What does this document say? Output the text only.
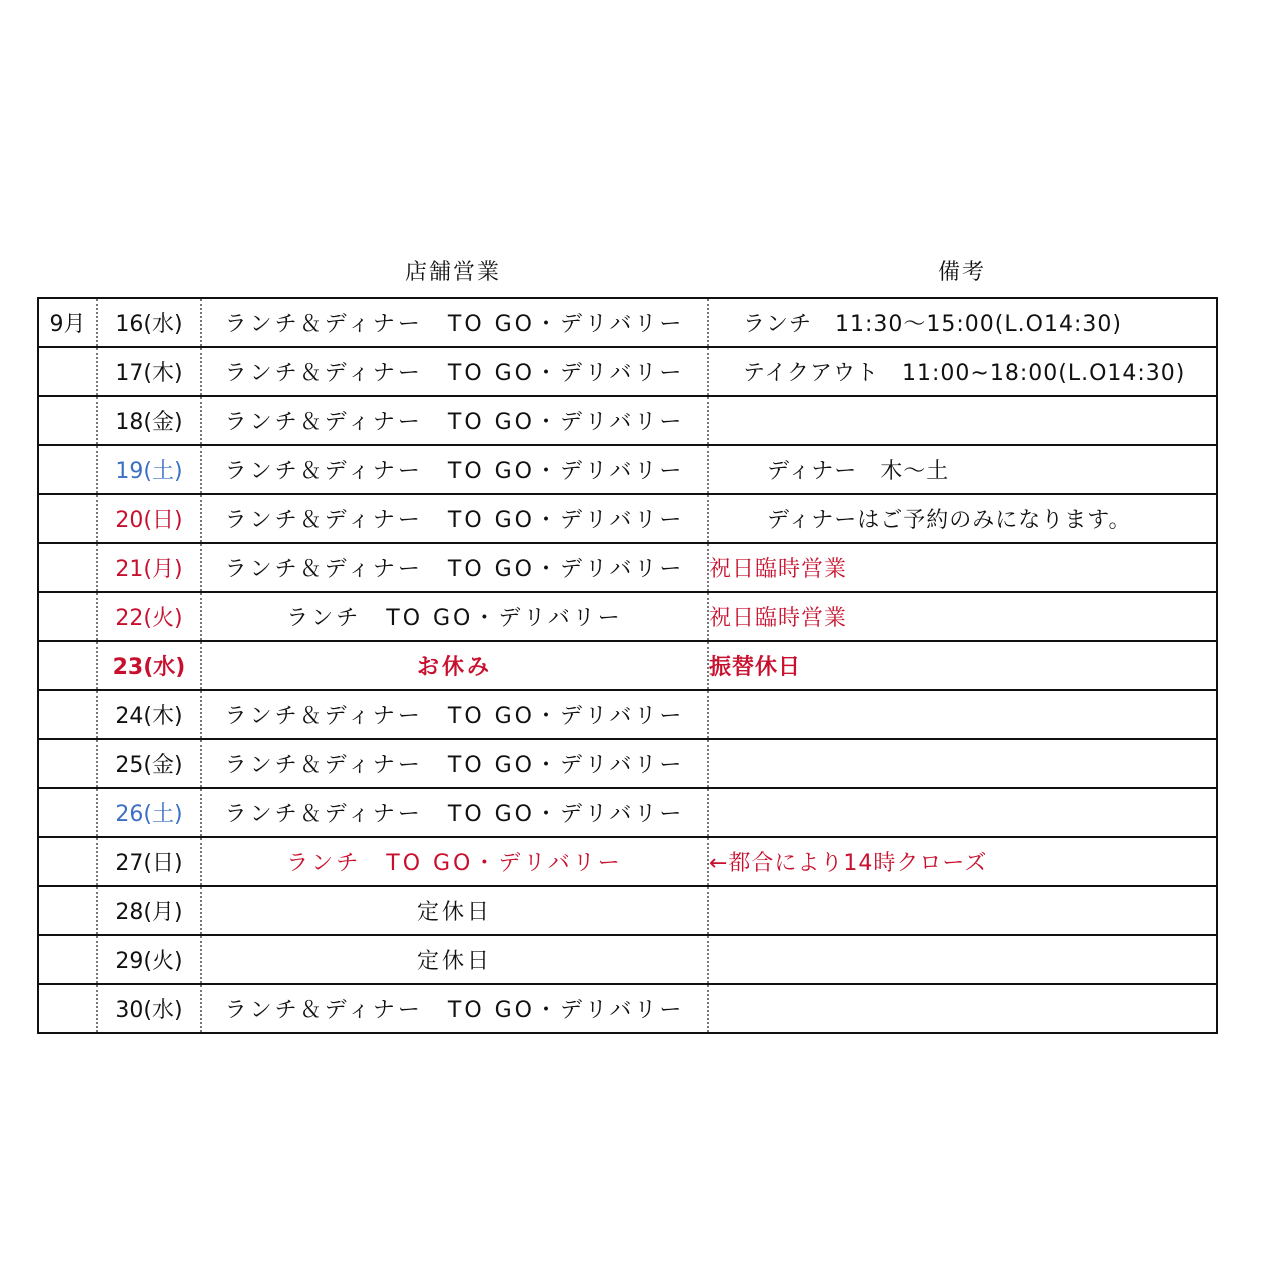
店舗営業	備考
9月	16(水)	ランチ＆ディナー　TO GO・デリバリー	ランチ　11:30～15:00(L.O14:30)
	17(木)	ランチ＆ディナー　TO GO・デリバリー	テイクアウト　11:00~18:00(L.O14:30)
	18(金)	ランチ＆ディナー　TO GO・デリバリー	
	19(土)	ランチ＆ディナー　TO GO・デリバリー	ディナー　木～土
	20(日)	ランチ＆ディナー　TO GO・デリバリー	ディナーはご予約のみになります。
	21(月)	ランチ＆ディナー　TO GO・デリバリー	祝日臨時営業
	22(火)	ランチ　TO GO・デリバリー	祝日臨時営業
	23(水)	お休み	振替休日
	24(木)	ランチ＆ディナー　TO GO・デリバリー	
	25(金)	ランチ＆ディナー　TO GO・デリバリー	
	26(土)	ランチ＆ディナー　TO GO・デリバリー	
	27(日)	ランチ　TO GO・デリバリー	←都合により14時クローズ
	28(月)	定休日	
	29(火)	定休日	
	30(水)	ランチ＆ディナー　TO GO・デリバリー	
